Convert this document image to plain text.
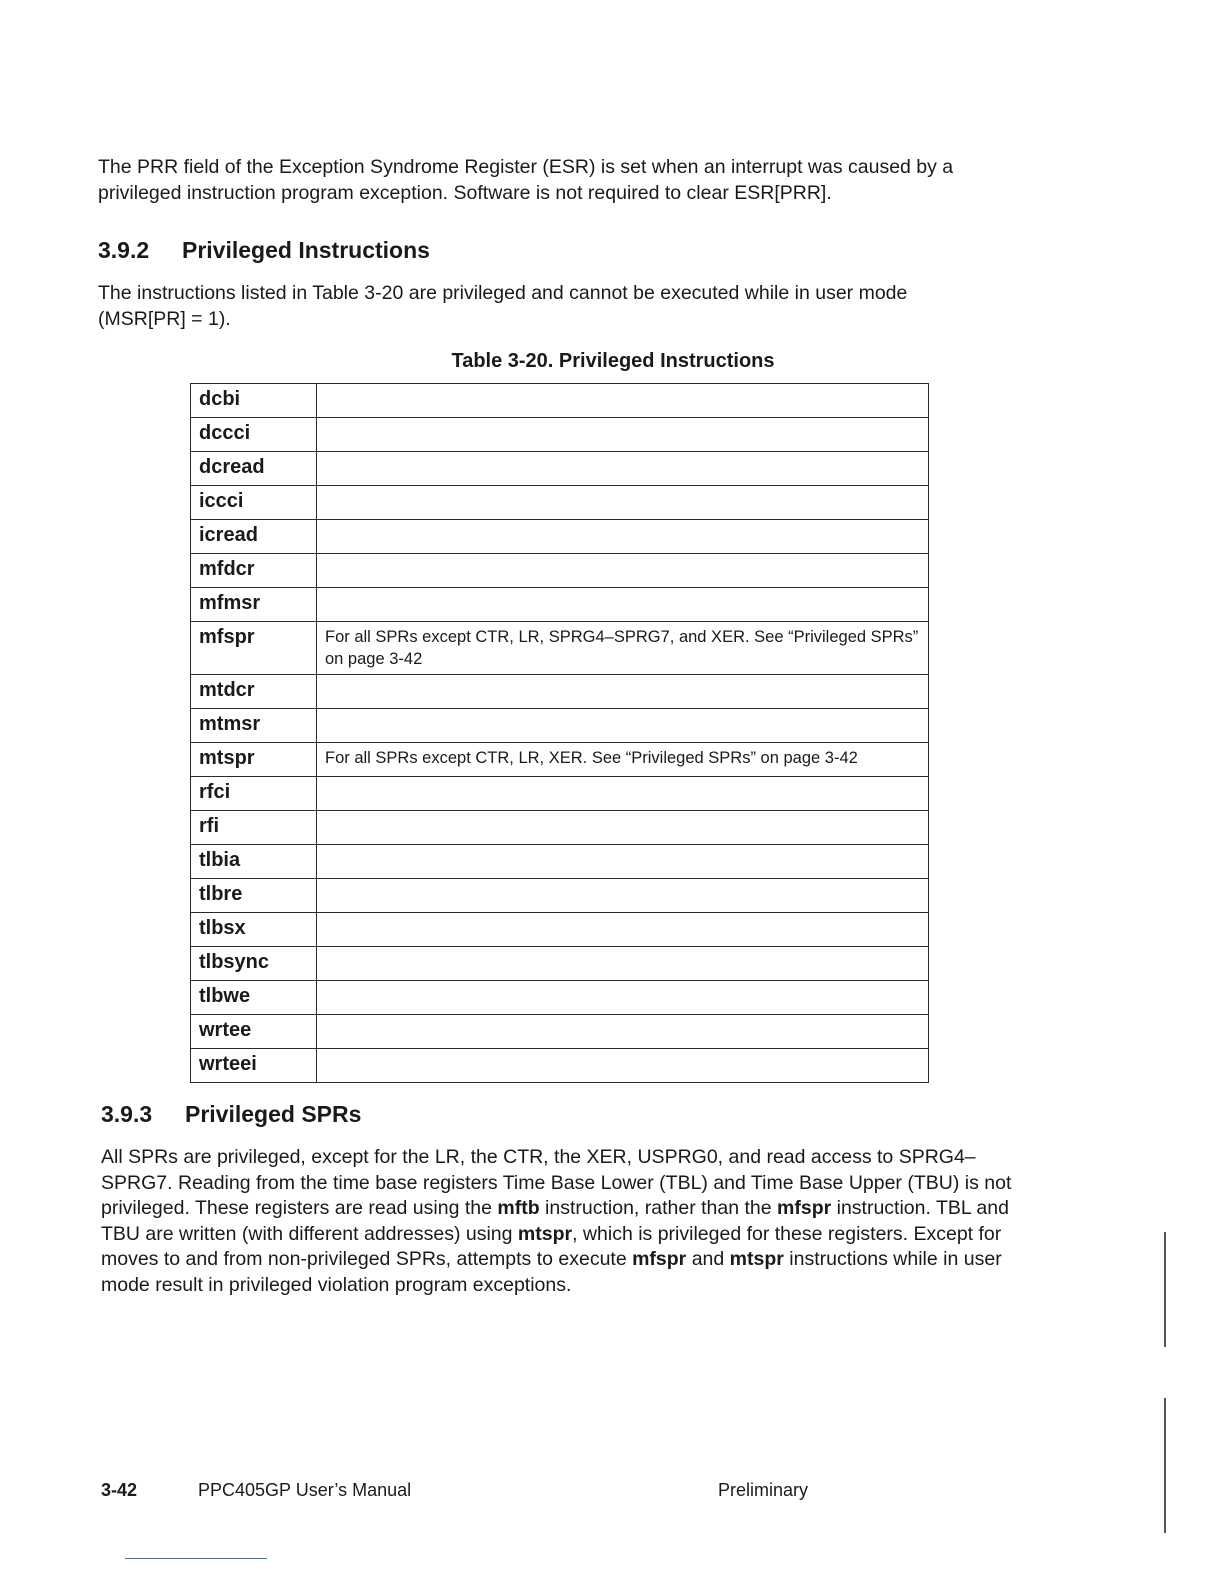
The PRR field of the Exception Syndrome Register (ESR) is set when an interrupt was caused by a privileged instruction program exception. Software is not required to clear ESR[PRR].

3.9.2 Privileged Instructions

The instructions listed in Table 3-20 are privileged and cannot be executed while in user mode (MSR[PR] = 1).

Table 3-20. Privileged Instructions
dcbi	
dccci	
dcread	
iccci	
icread	
mfdcr	
mfmsr	
mfspr	For all SPRs except CTR, LR, SPRG4–SPRG7, and XER. See “Privileged SPRs” on page 3-42
mtdcr	
mtmsr	
mtspr	For all SPRs except CTR, LR, XER. See “Privileged SPRs” on page 3-42
rfci	
rfi	
tlbia	
tlbre	
tlbsx	
tlbsync	
tlbwe	
wrtee	
wrteei	
3.9.3 Privileged SPRs

All SPRs are privileged, except for the LR, the CTR, the XER, USPRG0, and read access to SPRG4–SPRG7. Reading from the time base registers Time Base Lower (TBL) and Time Base Upper (TBU) is not privileged. These registers are read using the mftb instruction, rather than the mfspr instruction. TBL and TBU are written (with different addresses) using mtspr, which is privileged for these registers. Except for moves to and from non-privileged SPRs, attempts to execute mfspr and mtspr instructions while in user mode result in privileged violation program exceptions.

3-42	PPC405GP User’s Manual	Preliminary
